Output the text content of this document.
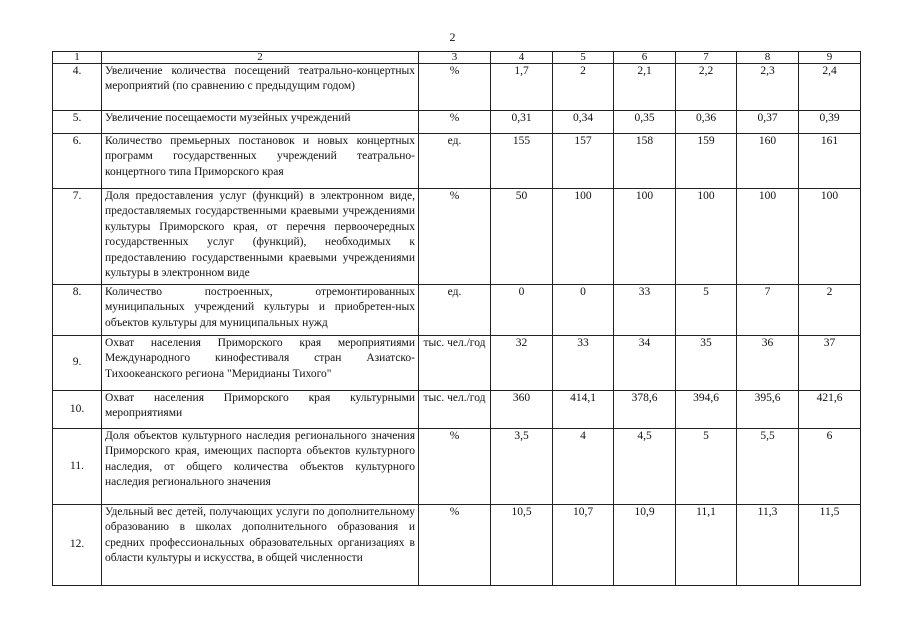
2
1	2	3	4	5	6	7	8	9
4.	Увеличение количества посещений театрально-концертных мероприятий (по сравнению с предыдущим годом)	%	1,7	2	2,1	2,2	2,3	2,4
5.	Увеличение посещаемости музейных учреждений	%	0,31	0,34	0,35	0,36	0,37	0,39
6.	Количество премьерных постановок и новых концертных программ государственных учреждений театрально-концертного типа Приморского края	ед.	155	157	158	159	160	161
7.	Доля предоставления услуг (функций) в электронном виде, предоставляемых государственными краевыми учреждениями культуры Приморского края, от перечня первоочередных государственных услуг (функций), необходимых к предоставлению государственными краевыми учреждениями культуры в электронном виде	%	50	100	100	100	100	100
8.	Количество построенных, отремонтированных муниципальных учреждений культуры и приобретен-ных объектов культуры для муниципальных нужд	ед.	0	0	33	5	7	2
9.	Охват населения Приморского края мероприятиями Международного кинофестиваля стран Азиатско-Тихоокеанского региона "Меридианы Тихого"	тыс. чел./год	32	33	34	35	36	37
10.	Охват населения Приморского края культурными мероприятиями	тыс. чел./год	360	414,1	378,6	394,6	395,6	421,6
11.	Доля объектов культурного наследия регионального значения Приморского края, имеющих паспорта объектов культурного наследия, от общего количества объектов культурного наследия регионального значения	%	3,5	4	4,5	5	5,5	6
12.	Удельный вес детей, получающих услуги по дополнительному образованию в школах дополнительного образования и средних профессиональных образовательных организациях в области культуры и искусства, в общей численности	%	10,5	10,7	10,9	11,1	11,3	11,5
